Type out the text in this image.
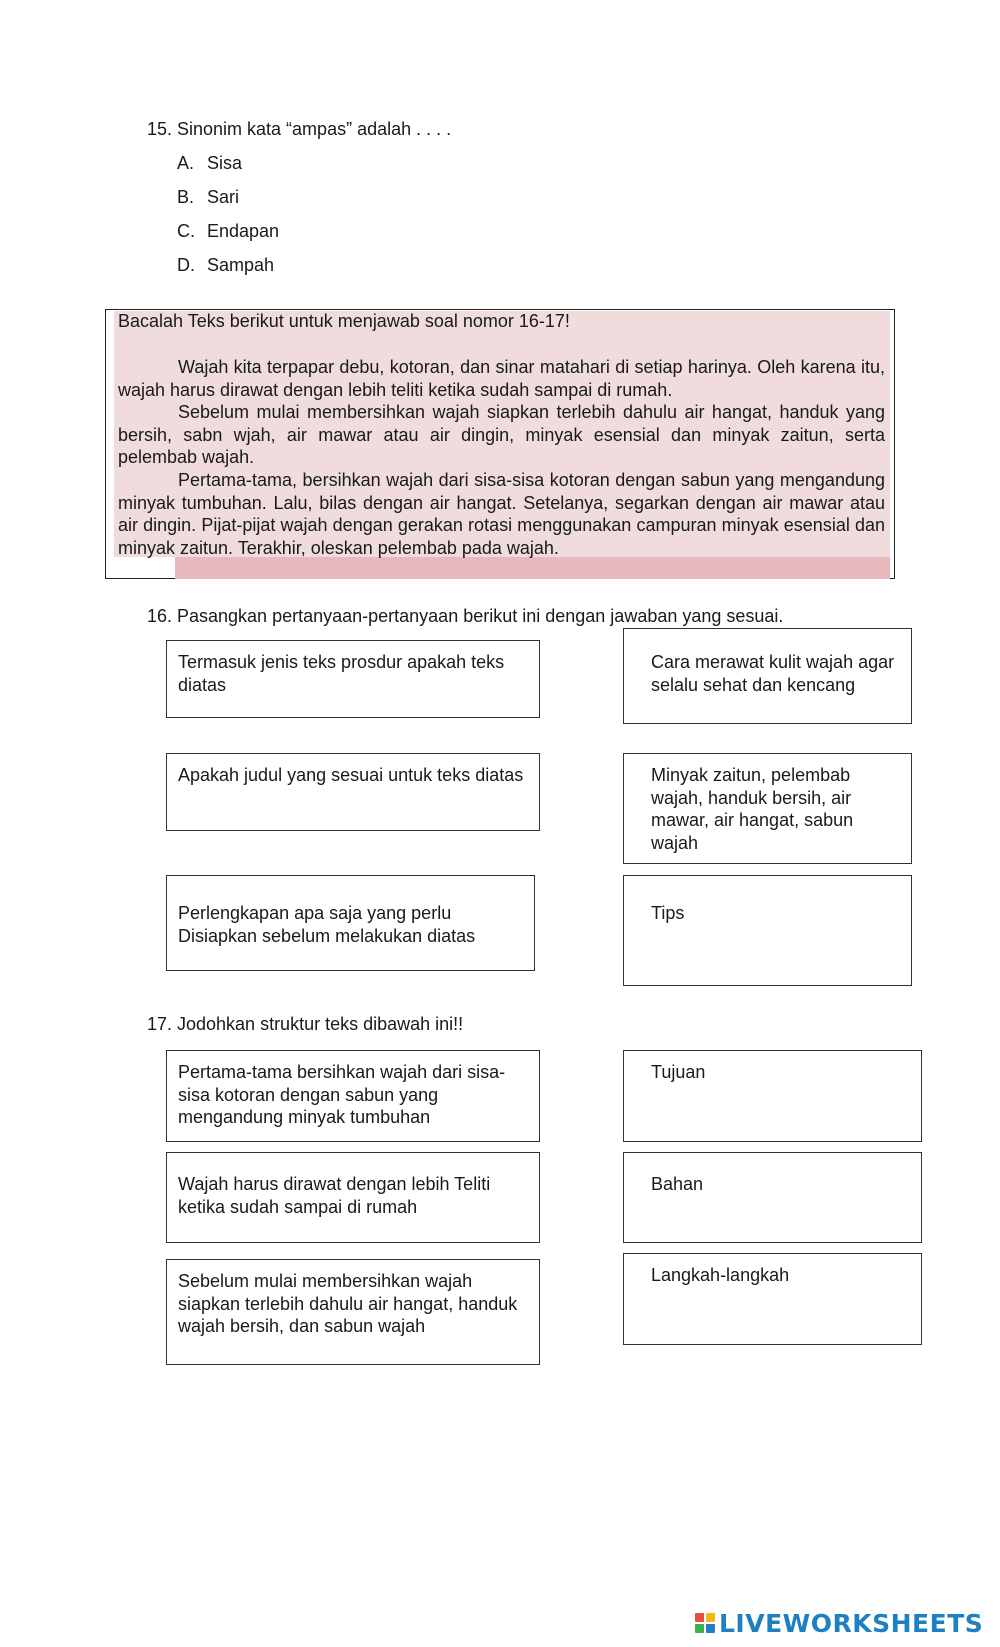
15. Sinonim kata “ampas” adalah . . . .
A. Sisa
B. Sari
C. Endapan
D. Sampah
Bacalah Teks berikut untuk menjawab soal nomor 16-17!
Wajah kita terpapar debu, kotoran, dan sinar matahari di setiap harinya. Oleh karena itu, wajah harus dirawat dengan lebih teliti ketika sudah sampai di rumah.
Sebelum mulai membersihkan wajah siapkan terlebih dahulu air hangat, handuk yang bersih, sabn wjah, air mawar atau air dingin, minyak esensial dan minyak zaitun, serta pelembab wajah.
Pertama-tama, bersihkan wajah dari sisa-sisa kotoran dengan sabun yang mengandung minyak tumbuhan. Lalu, bilas dengan air hangat. Setelanya, segarkan dengan air mawar atau air dingin. Pijat-pijat wajah dengan gerakan rotasi menggunakan campuran minyak esensial dan minyak zaitun. Terakhir, oleskan pelembab pada wajah.
16. Pasangkan pertanyaan-pertanyaan berikut ini dengan jawaban yang sesuai.
Termasuk jenis teks prosdur apakah teks diatas
Apakah judul yang sesuai untuk teks diatas
Perlengkapan apa saja yang perlu Disiapkan sebelum melakukan diatas
Cara merawat kulit wajah agar selalu sehat dan kencang
Minyak zaitun, pelembab wajah, handuk bersih, air mawar, air hangat, sabun wajah
Tips
17. Jodohkan struktur teks dibawah ini!!
Pertama-tama bersihkan wajah dari sisa-sisa kotoran dengan sabun yang mengandung minyak tumbuhan
Wajah harus dirawat dengan lebih Teliti ketika sudah sampai di rumah
Sebelum mulai membersihkan wajah siapkan terlebih dahulu air hangat, handuk wajah bersih, dan sabun wajah
Tujuan
Bahan
Langkah-langkah
LIVEWORKSHEETS
